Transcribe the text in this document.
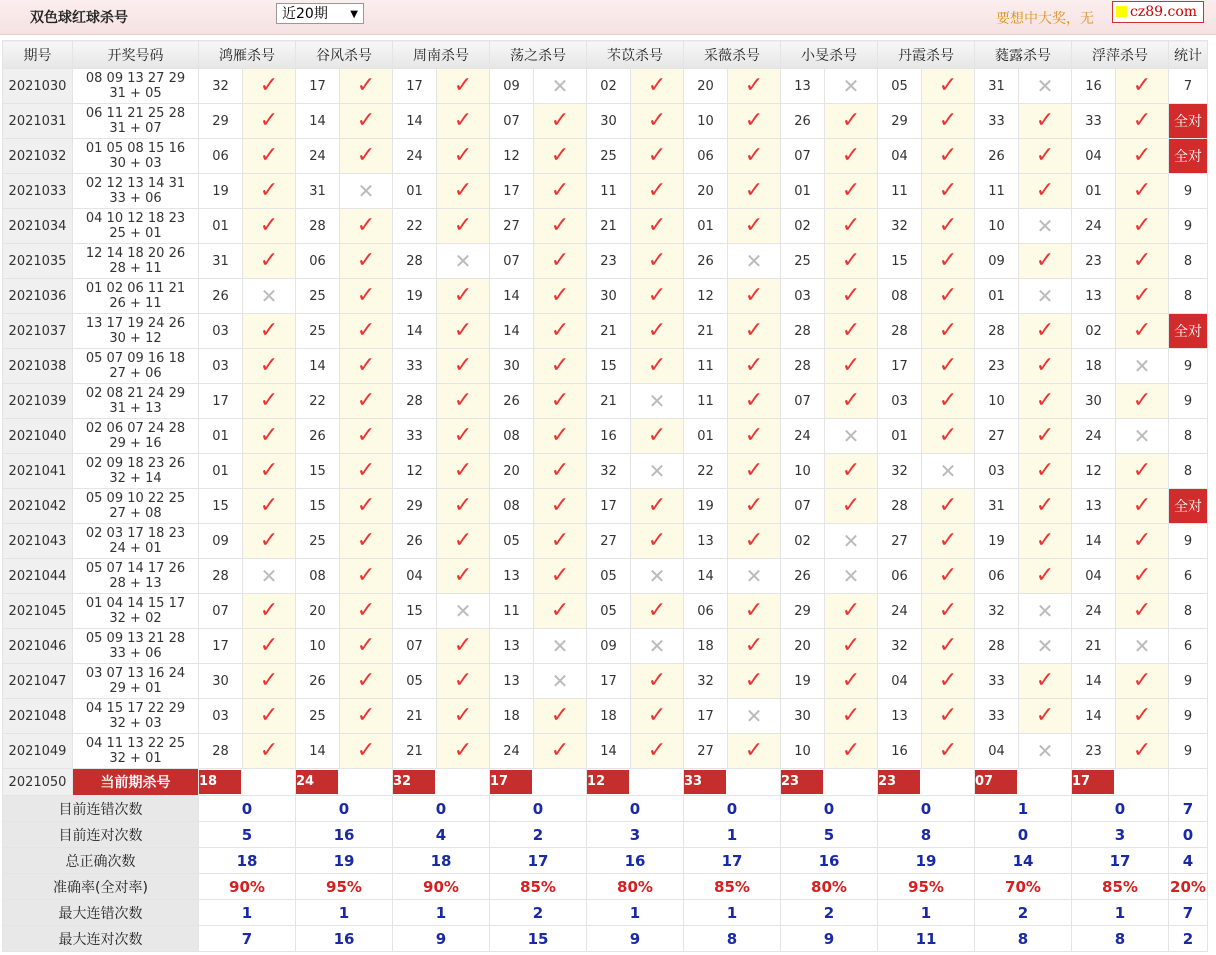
双色球红球杀号	近20期 ▼	要想中大奖，无	cz89.com
期号	开奖号码	鸿雁杀号		谷风杀号		周南杀号		荡之杀号		芣苡杀号		采薇杀号		小旻杀号		丹霞杀号		蕤露杀号		浮萍杀号		统计
2021030	08 09 13 27 29
31 + 05	32	✓	17	✓	17	✓	09	✕	02	✓	20	✓	13	✕	05	✓	31	✕	16	✓	7
2021031	06 11 21 25 28
31 + 07	29	✓	14	✓	14	✓	07	✓	30	✓	10	✓	26	✓	29	✓	33	✓	33	✓	全对
2021032	01 05 08 15 16
30 + 03	06	✓	24	✓	24	✓	12	✓	25	✓	06	✓	07	✓	04	✓	26	✓	04	✓	全对
2021033	02 12 13 14 31
33 + 06	19	✓	31	✕	01	✓	17	✓	11	✓	20	✓	01	✓	11	✓	11	✓	01	✓	9
2021034	04 10 12 18 23
25 + 01	01	✓	28	✓	22	✓	27	✓	21	✓	01	✓	02	✓	32	✓	10	✕	24	✓	9
2021035	12 14 18 20 26
28 + 11	31	✓	06	✓	28	✕	07	✓	23	✓	26	✕	25	✓	15	✓	09	✓	23	✓	8
2021036	01 02 06 11 21
26 + 11	26	✕	25	✓	19	✓	14	✓	30	✓	12	✓	03	✓	08	✓	01	✕	13	✓	8
2021037	13 17 19 24 26
30 + 12	03	✓	25	✓	14	✓	14	✓	21	✓	21	✓	28	✓	28	✓	28	✓	02	✓	全对
2021038	05 07 09 16 18
27 + 06	03	✓	14	✓	33	✓	30	✓	15	✓	11	✓	28	✓	17	✓	23	✓	18	✕	9
2021039	02 08 21 24 29
31 + 13	17	✓	22	✓	28	✓	26	✓	21	✕	11	✓	07	✓	03	✓	10	✓	30	✓	9
2021040	02 06 07 24 28
29 + 16	01	✓	26	✓	33	✓	08	✓	16	✓	01	✓	24	✕	01	✓	27	✓	24	✕	8
2021041	02 09 18 23 26
32 + 14	01	✓	15	✓	12	✓	20	✓	32	✕	22	✓	10	✓	32	✕	03	✓	12	✓	8
2021042	05 09 10 22 25
27 + 08	15	✓	15	✓	29	✓	08	✓	17	✓	19	✓	07	✓	28	✓	31	✓	13	✓	全对
2021043	02 03 17 18 23
24 + 01	09	✓	25	✓	26	✓	05	✓	27	✓	13	✓	02	✕	27	✓	19	✓	14	✓	9
2021044	05 07 14 17 26
28 + 13	28	✕	08	✓	04	✓	13	✓	05	✕	14	✕	26	✕	06	✓	06	✓	04	✓	6
2021045	01 04 14 15 17
32 + 02	07	✓	20	✓	15	✕	11	✓	05	✓	06	✓	29	✓	24	✓	32	✕	24	✓	8
2021046	05 09 13 21 28
33 + 06	17	✓	10	✓	07	✓	13	✕	09	✕	18	✓	20	✓	32	✓	28	✕	21	✕	6
2021047	03 07 13 16 24
29 + 01	30	✓	26	✓	05	✓	13	✕	17	✓	32	✓	19	✓	04	✓	33	✓	14	✓	9
2021048	04 15 17 22 29
32 + 03	03	✓	25	✓	21	✓	18	✓	18	✓	17	✕	30	✓	13	✓	33	✓	14	✓	9
2021049	04 11 13 22 25
32 + 01	28	✓	14	✓	21	✓	24	✓	14	✓	27	✓	10	✓	16	✓	04	✕	23	✓	9
2021050	当前期杀号	18		24		32		17		12		33		23		23		07		17		
目前连错次数		0		0		0		0		0		0		0		0		1		0		7
目前连对次数		5		16		4		2		3		1		5		8		0		3		0
总正确次数		18		19		18		17		16		17		16		19		14		17		4
准确率(全对率)		90%		95%		90%		85%		80%		85%		80%		95%		70%		85%		20%
最大连错次数		1		1		1		2		1		1		2		1		2		1		7
最大连对次数		7		16		9		15		9		8		9		11		8		8		2
